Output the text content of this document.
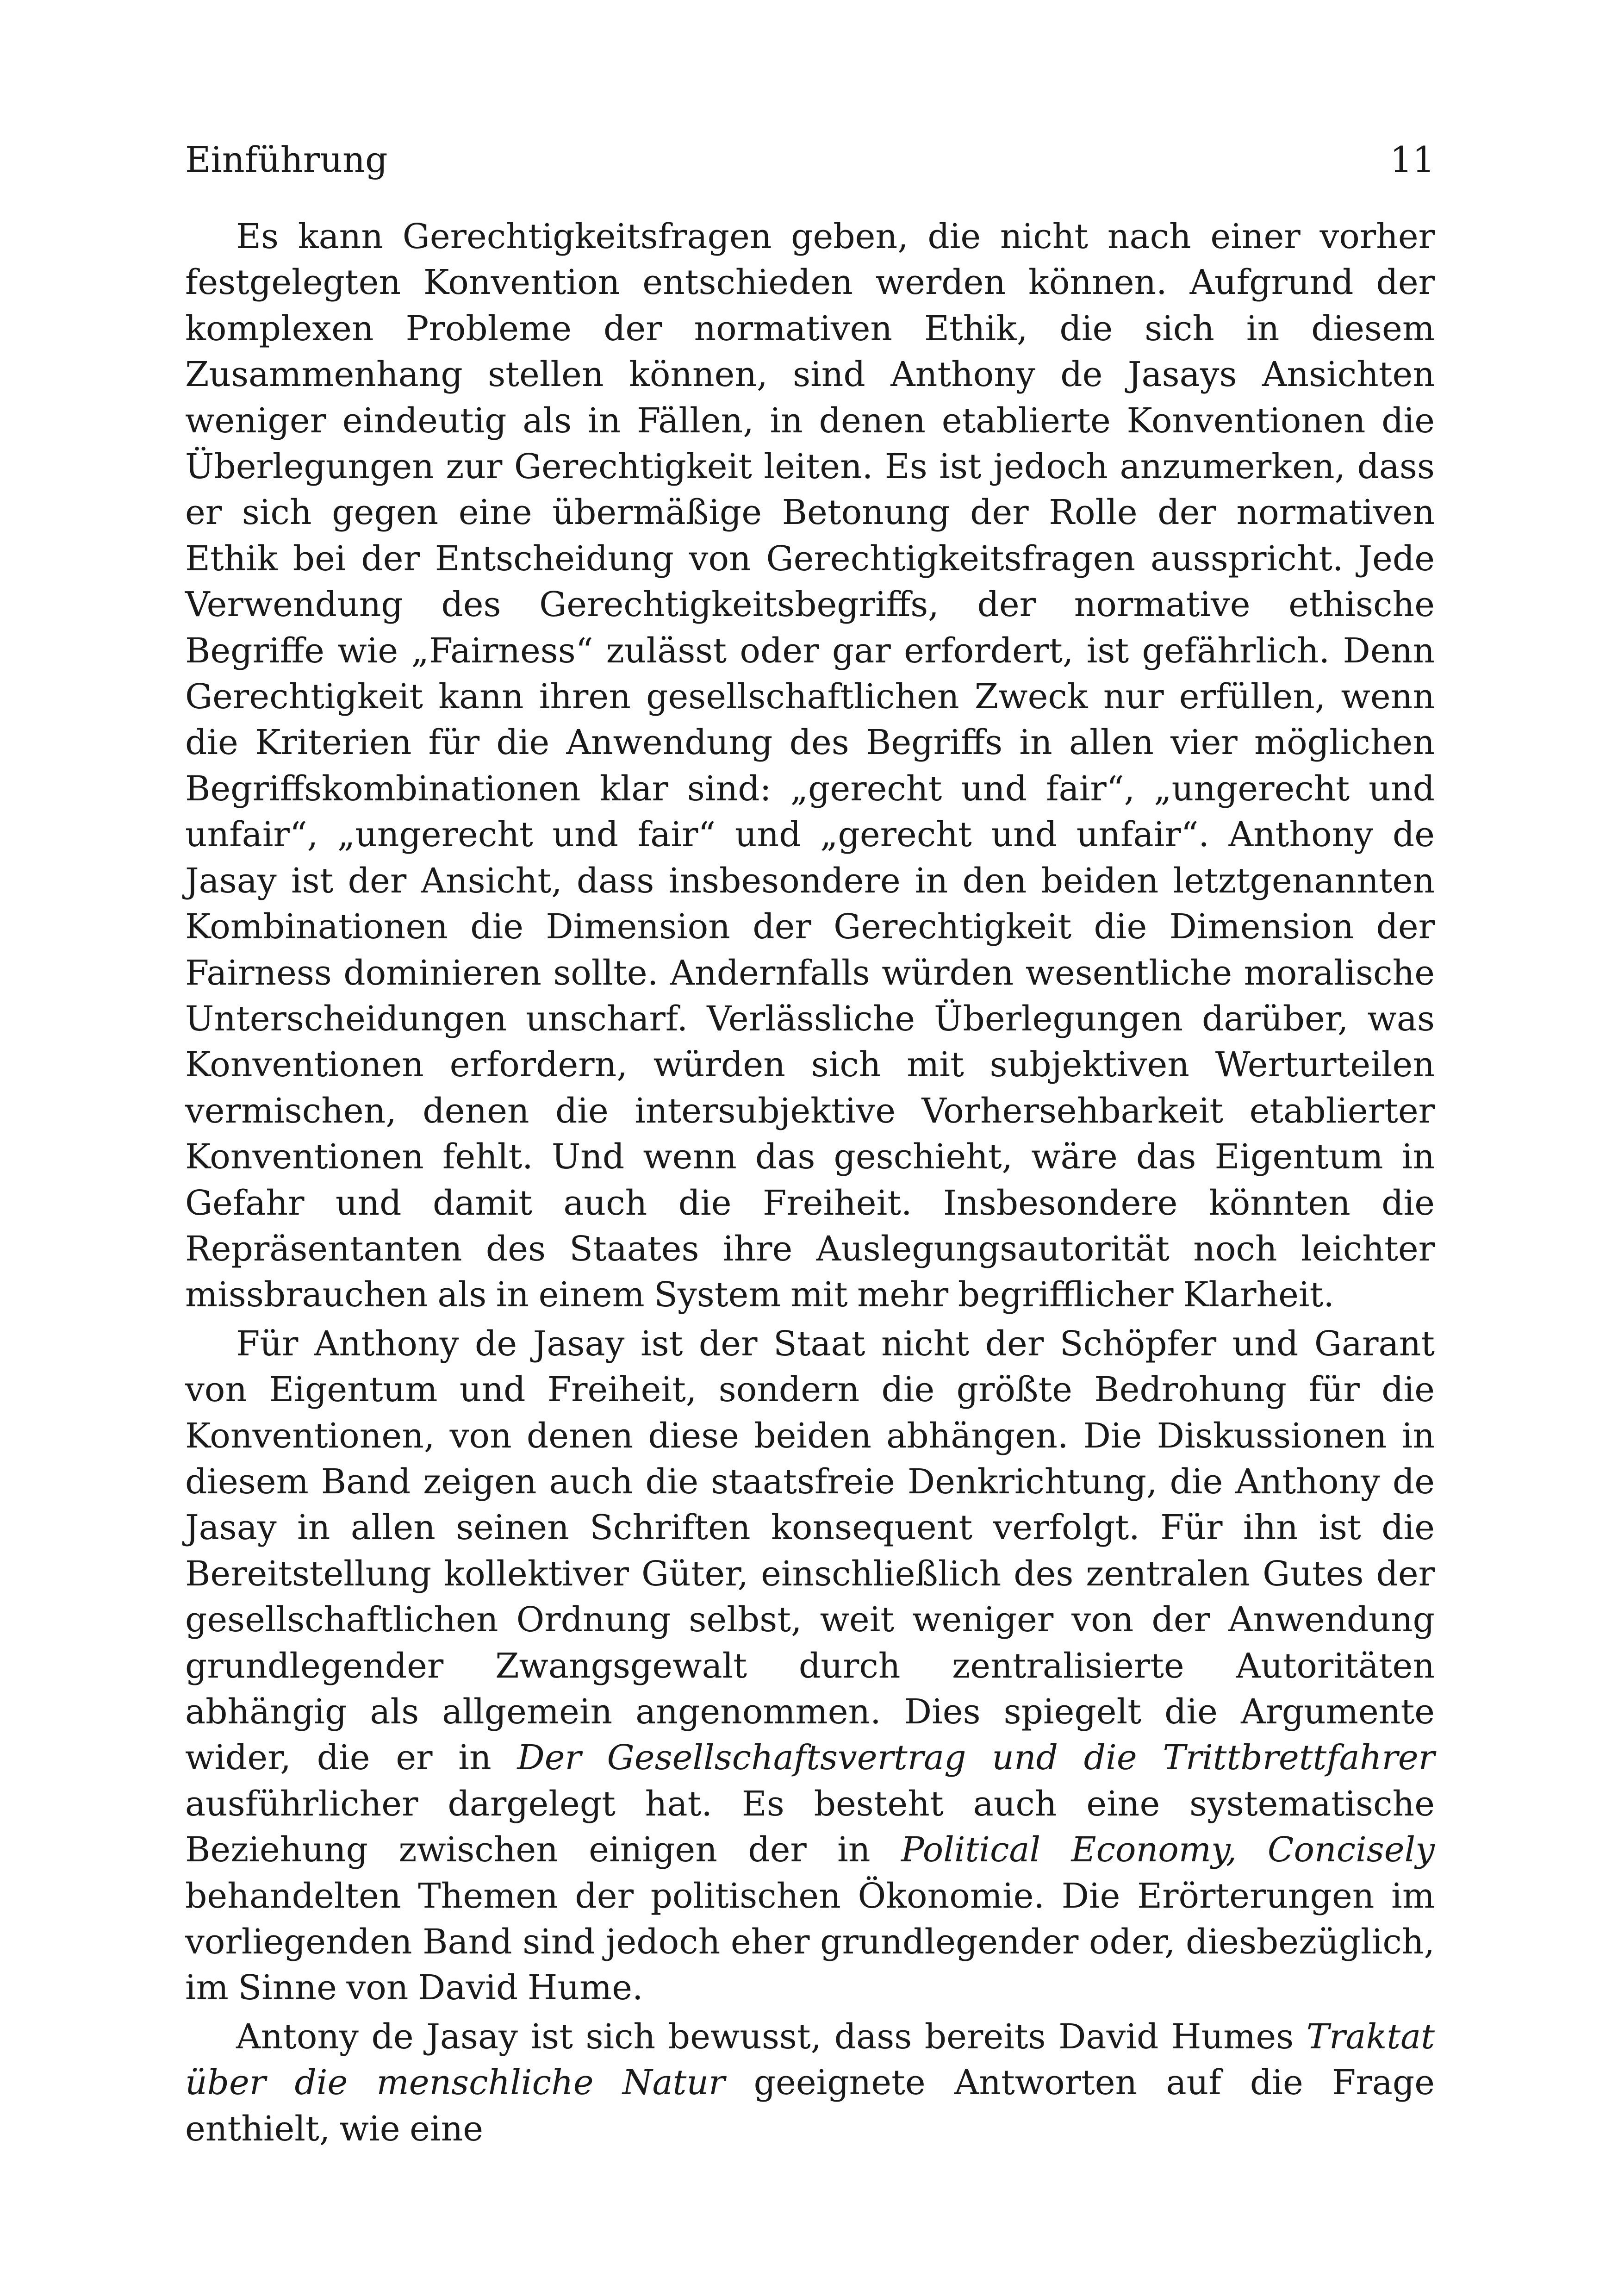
Einführung	11

Es kann Gerechtigkeitsfragen geben, die nicht nach einer vorher festgelegten Konvention entschieden werden können. Aufgrund der komplexen Probleme der normativen Ethik, die sich in diesem Zusammenhang stellen können, sind Anthony de Jasays Ansichten weniger eindeutig als in Fällen, in denen etablierte Konventionen die Überlegungen zur Gerechtigkeit leiten. Es ist jedoch anzumerken, dass er sich gegen eine übermäßige Betonung der Rolle der normativen Ethik bei der Entscheidung von Gerechtigkeitsfragen ausspricht. Jede Verwendung des Gerechtigkeitsbegriffs, der normative ethische Begriffe wie „Fairness“ zulässt oder gar erfordert, ist gefährlich. Denn Gerechtigkeit kann ihren gesellschaftlichen Zweck nur erfüllen, wenn die Kriterien für die Anwendung des Begriffs in allen vier möglichen Begriffskombinationen klar sind: „gerecht und fair“, „ungerecht und unfair“, „ungerecht und fair“ und „gerecht und unfair“. Anthony de Jasay ist der Ansicht, dass insbesondere in den beiden letztgenannten Kombinationen die Dimension der Gerechtigkeit die Dimension der Fairness dominieren sollte. Andernfalls würden wesentliche moralische Unterscheidungen unscharf. Verlässliche Überlegungen darüber, was Konventionen erfordern, würden sich mit subjektiven Werturteilen vermischen, denen die intersubjektive Vorhersehbarkeit etablierter Konventionen fehlt. Und wenn das geschieht, wäre das Eigentum in Gefahr und damit auch die Freiheit. Insbesondere könnten die Repräsentanten des Staates ihre Auslegungsautorität noch leichter missbrauchen als in einem System mit mehr begrifflicher Klarheit.

Für Anthony de Jasay ist der Staat nicht der Schöpfer und Garant von Eigentum und Freiheit, sondern die größte Bedrohung für die Konventionen, von denen diese beiden abhängen. Die Diskussionen in diesem Band zeigen auch die staatsfreie Denkrichtung, die Anthony de Jasay in allen seinen Schriften konsequent verfolgt. Für ihn ist die Bereitstellung kollektiver Güter, einschließlich des zentralen Gutes der gesellschaftlichen Ordnung selbst, weit weniger von der Anwendung grundlegender Zwangsgewalt durch zentralisierte Autoritäten abhängig als allgemein angenommen. Dies spiegelt die Argumente wider, die er in Der Gesellschaftsvertrag und die Trittbrettfahrer ausführlicher dargelegt hat. Es besteht auch eine systematische Beziehung zwischen einigen der in Political Economy, Concisely behandelten Themen der politischen Ökonomie. Die Erörterungen im vorliegenden Band sind jedoch eher grundlegender oder, diesbezüglich, im Sinne von David Hume.

Antony de Jasay ist sich bewusst, dass bereits David Humes Traktat über die menschliche Natur geeignete Antworten auf die Frage enthielt, wie eine
